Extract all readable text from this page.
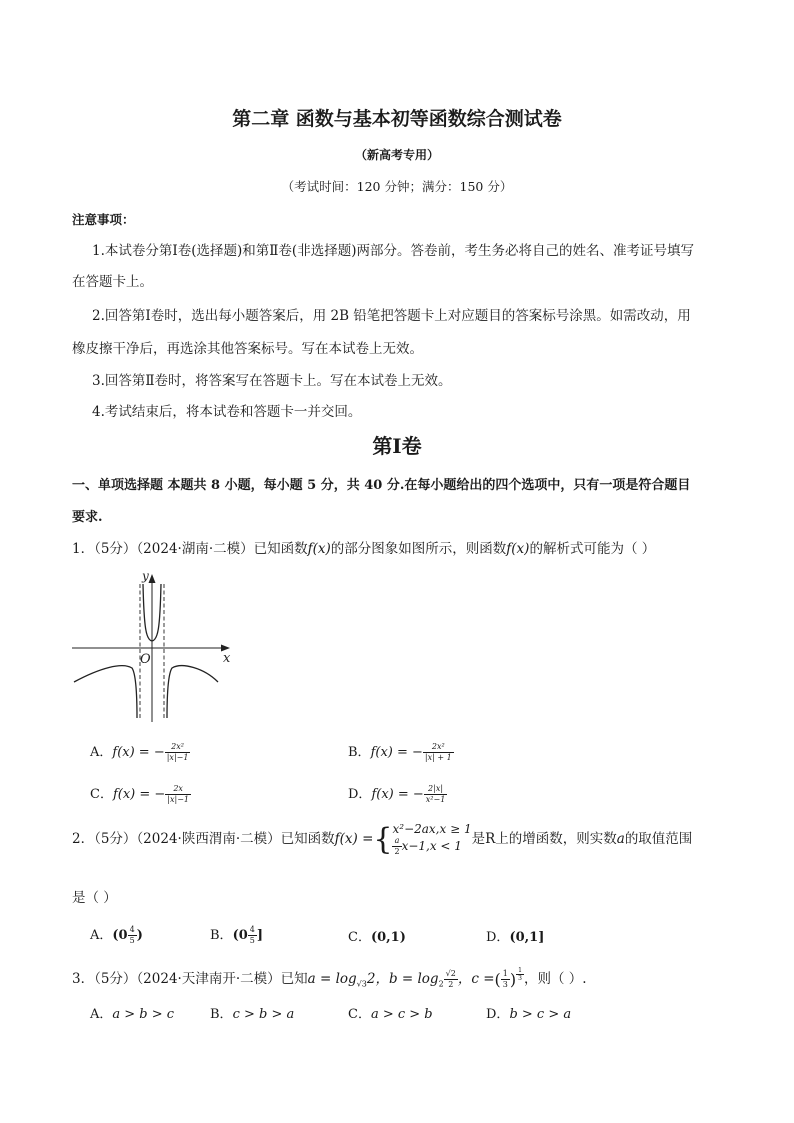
第二章 函数与基本初等函数综合测试卷
（新高考专用）
（考试时间：120 分钟；满分：150 分）
注意事项：
1.本试卷分第Ⅰ卷(选择题)和第Ⅱ卷(非选择题)两部分。答卷前，考生务必将自己的姓名、准考证号填写
在答题卡上。
2.回答第Ⅰ卷时，选出每小题答案后，用 2B 铅笔把答题卡上对应题目的答案标号涂黑。如需改动，用
橡皮擦干净后，再选涂其他答案标号。写在本试卷上无效。
3.回答第Ⅱ卷时，将答案写在答题卡上。写在本试卷上无效。
4.考试结束后，将本试卷和答题卡一并交回。
第Ⅰ卷
一、单项选择题 本题共 8 小题，每小题 5 分，共 40 分.在每小题给出的四个选项中，只有一项是符合题目
要求.
1．（5分）（2024·湖南·二模）已知函数f(x)的部分图象如图所示，则函数f(x)的解析式可能为（ ）
y
x
O
A．f(x) = − $\frac{\text{2x²}}{|x|-1}$	B．f(x) = − $\frac{\text{2x²}}{|x| + 1}$
C．f(x) = − $\frac{2x}{|x|-1}$	D．f(x) = − $\frac{2|x|}{\text{x²−1}}$
2．（5分）（2024·陕西渭南·二模）已知函数f(x) ={ x²−2ax,x ≥ 1
$\frac{a}{2} x-1,x < 1$ 是R上的增函数，则实数a的取值范围
是（ ）
A．($0 \frac{4}{5}$ )	B．($0 \frac{4}{5}$ ]	C．(0,1)	D．(0,1]
3．（5分）（2024·天津南开·二模）已知$a = \log_{√3}2$，$b = \log_2 \frac{√2}{2}$ ，c =( $\frac{1}{3}$ ) $\frac{1}{3}$ ，则（ ）.
A．a > b > c	B．c > b > a	C．a > c > b	D．b > c > a
